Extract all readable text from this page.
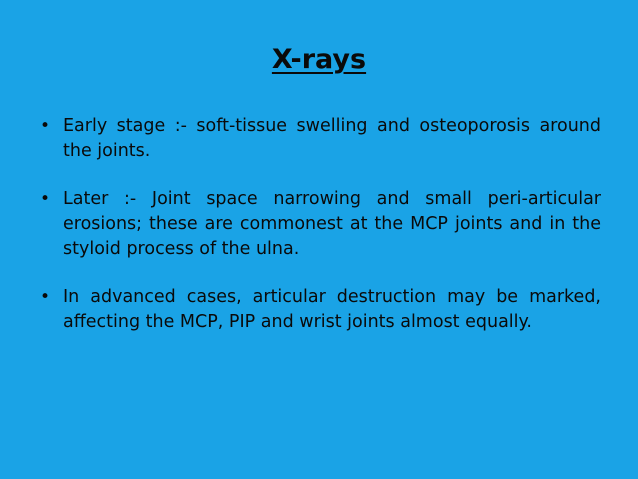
X-rays
• Early stage :- soft-tissue swelling and osteoporosis around the joints.
• Later :- Joint space narrowing and small peri-articular erosions; these are commonest at the MCP joints and in the styloid process of the ulna.
• In advanced cases, articular destruction may be marked, affecting the MCP, PIP and wrist joints almost equally.
